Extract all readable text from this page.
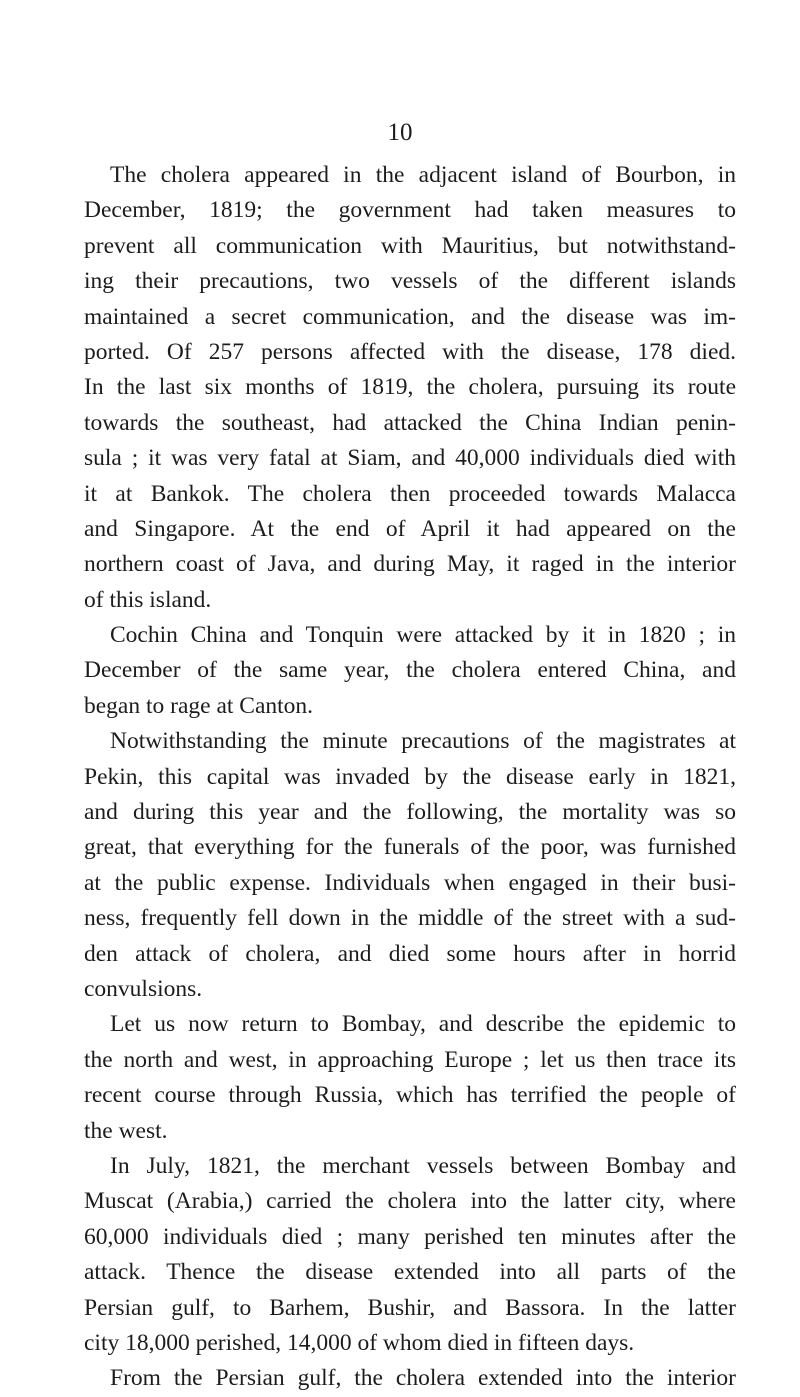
10
The cholera appeared in the adjacent island of Bourbon, in
December, 1819; the government had taken measures to
prevent all communication with Mauritius, but notwithstand-
ing their precautions, two vessels of the different islands
maintained a secret communication, and the disease was im-
ported. Of 257 persons affected with the disease, 178 died.
In the last six months of 1819, the cholera, pursuing its route
towards the southeast, had attacked the China Indian penin-
sula ; it was very fatal at Siam, and 40,000 individuals died with
it at Bankok. The cholera then proceeded towards Malacca
and Singapore. At the end of April it had appeared on the
northern coast of Java, and during May, it raged in the interior
of this island.
Cochin China and Tonquin were attacked by it in 1820 ; in
December of the same year, the cholera entered China, and
began to rage at Canton.
Notwithstanding the minute precautions of the magistrates at
Pekin, this capital was invaded by the disease early in 1821,
and during this year and the following, the mortality was so
great, that everything for the funerals of the poor, was furnished
at the public expense. Individuals when engaged in their busi-
ness, frequently fell down in the middle of the street with a sud-
den attack of cholera, and died some hours after in horrid
convulsions.
Let us now return to Bombay, and describe the epidemic to
the north and west, in approaching Europe ; let us then trace its
recent course through Russia, which has terrified the people of
the west.
In July, 1821, the merchant vessels between Bombay and
Muscat (Arabia,) carried the cholera into the latter city, where
60,000 individuals died ; many perished ten minutes after the
attack. Thence the disease extended into all parts of the
Persian gulf, to Barhem, Bushir, and Bassora. In the latter
city 18,000 perished, 14,000 of whom died in fifteen days.
From the Persian gulf, the cholera extended into the interior
